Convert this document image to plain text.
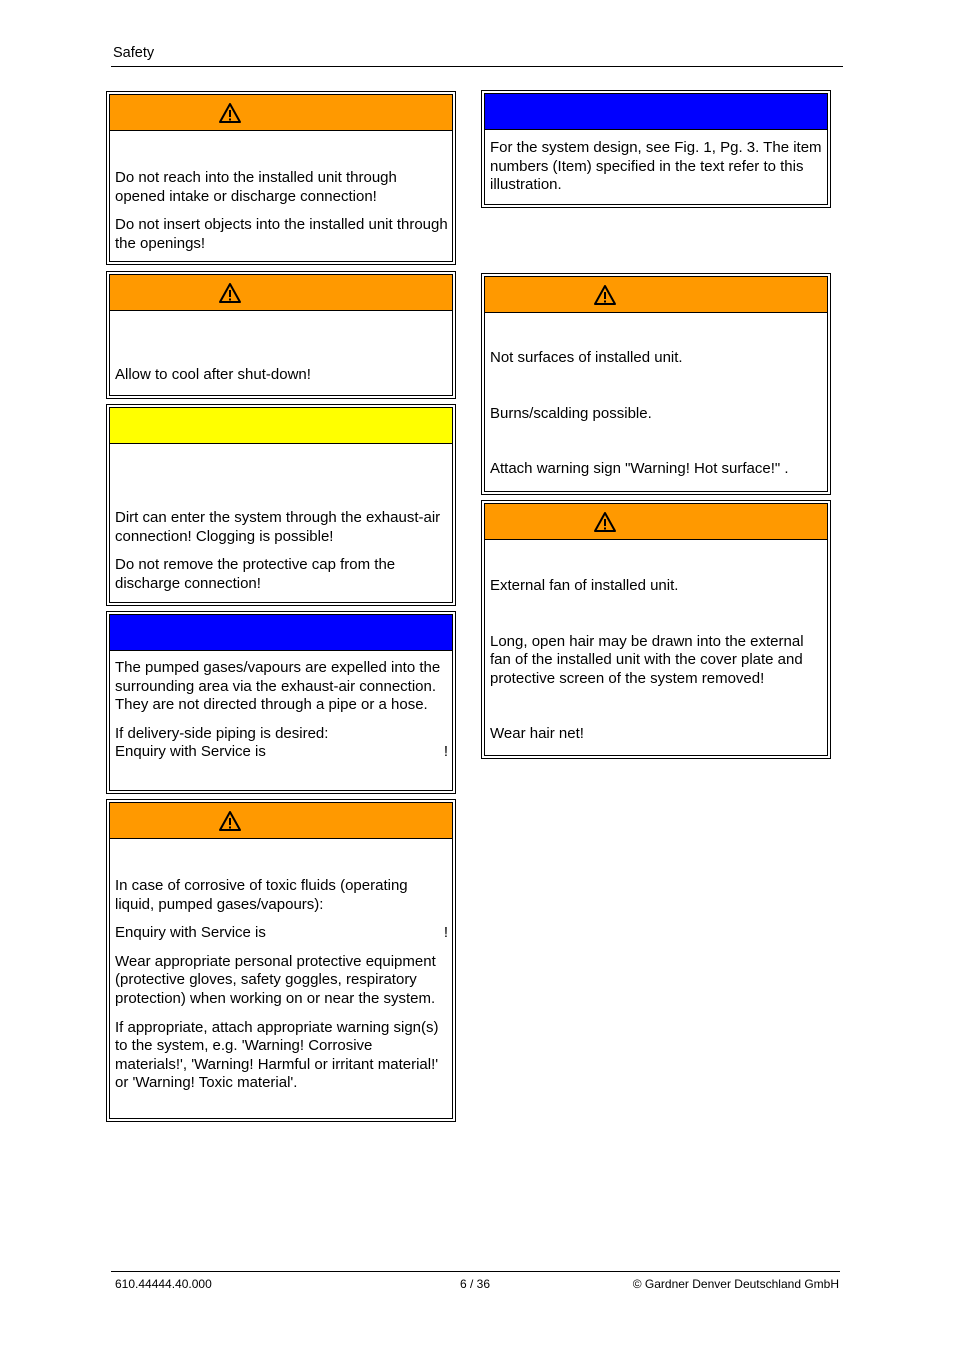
Safety

Do not reach into the installed unit through opened intake or discharge connection!

Do not insert objects into the installed unit through the openings!

Allow to cool after shut-down!

Dirt can enter the system through the exhaust-air connection! Clogging is possible!

Do not remove the protective cap from the discharge connection!

The pumped gases/vapours are expelled into the surrounding area via the exhaust-air connection. They are not directed through a pipe or a hose.

If delivery-side piping is desired:

Enquiry with Service is	!

In case of corrosive of toxic fluids (operating liquid, pumped gases/vapours):

Enquiry with Service is	!

Wear appropriate personal protective equipment (protective gloves, safety goggles, respiratory protection) when working on or near the system.

If appropriate, attach appropriate warning sign(s) to the system, e.g. 'Warning! Corrosive materials!', 'Warning! Harmful or irritant material!' or 'Warning! Toxic material'.

For the system design, see Fig. 1, Pg. 3. The item numbers (Item) specified in the text refer to this illustration.

Not surfaces of installed unit.

Burns/scalding possible.

Attach warning sign "Warning! Hot surface!" .

External fan of installed unit.

Long, open hair may be drawn into the external fan of the installed unit with the cover plate and protective screen of the system removed!

Wear hair net!

610.44444.40.000	6 / 36	© Gardner Denver Deutschland GmbH
